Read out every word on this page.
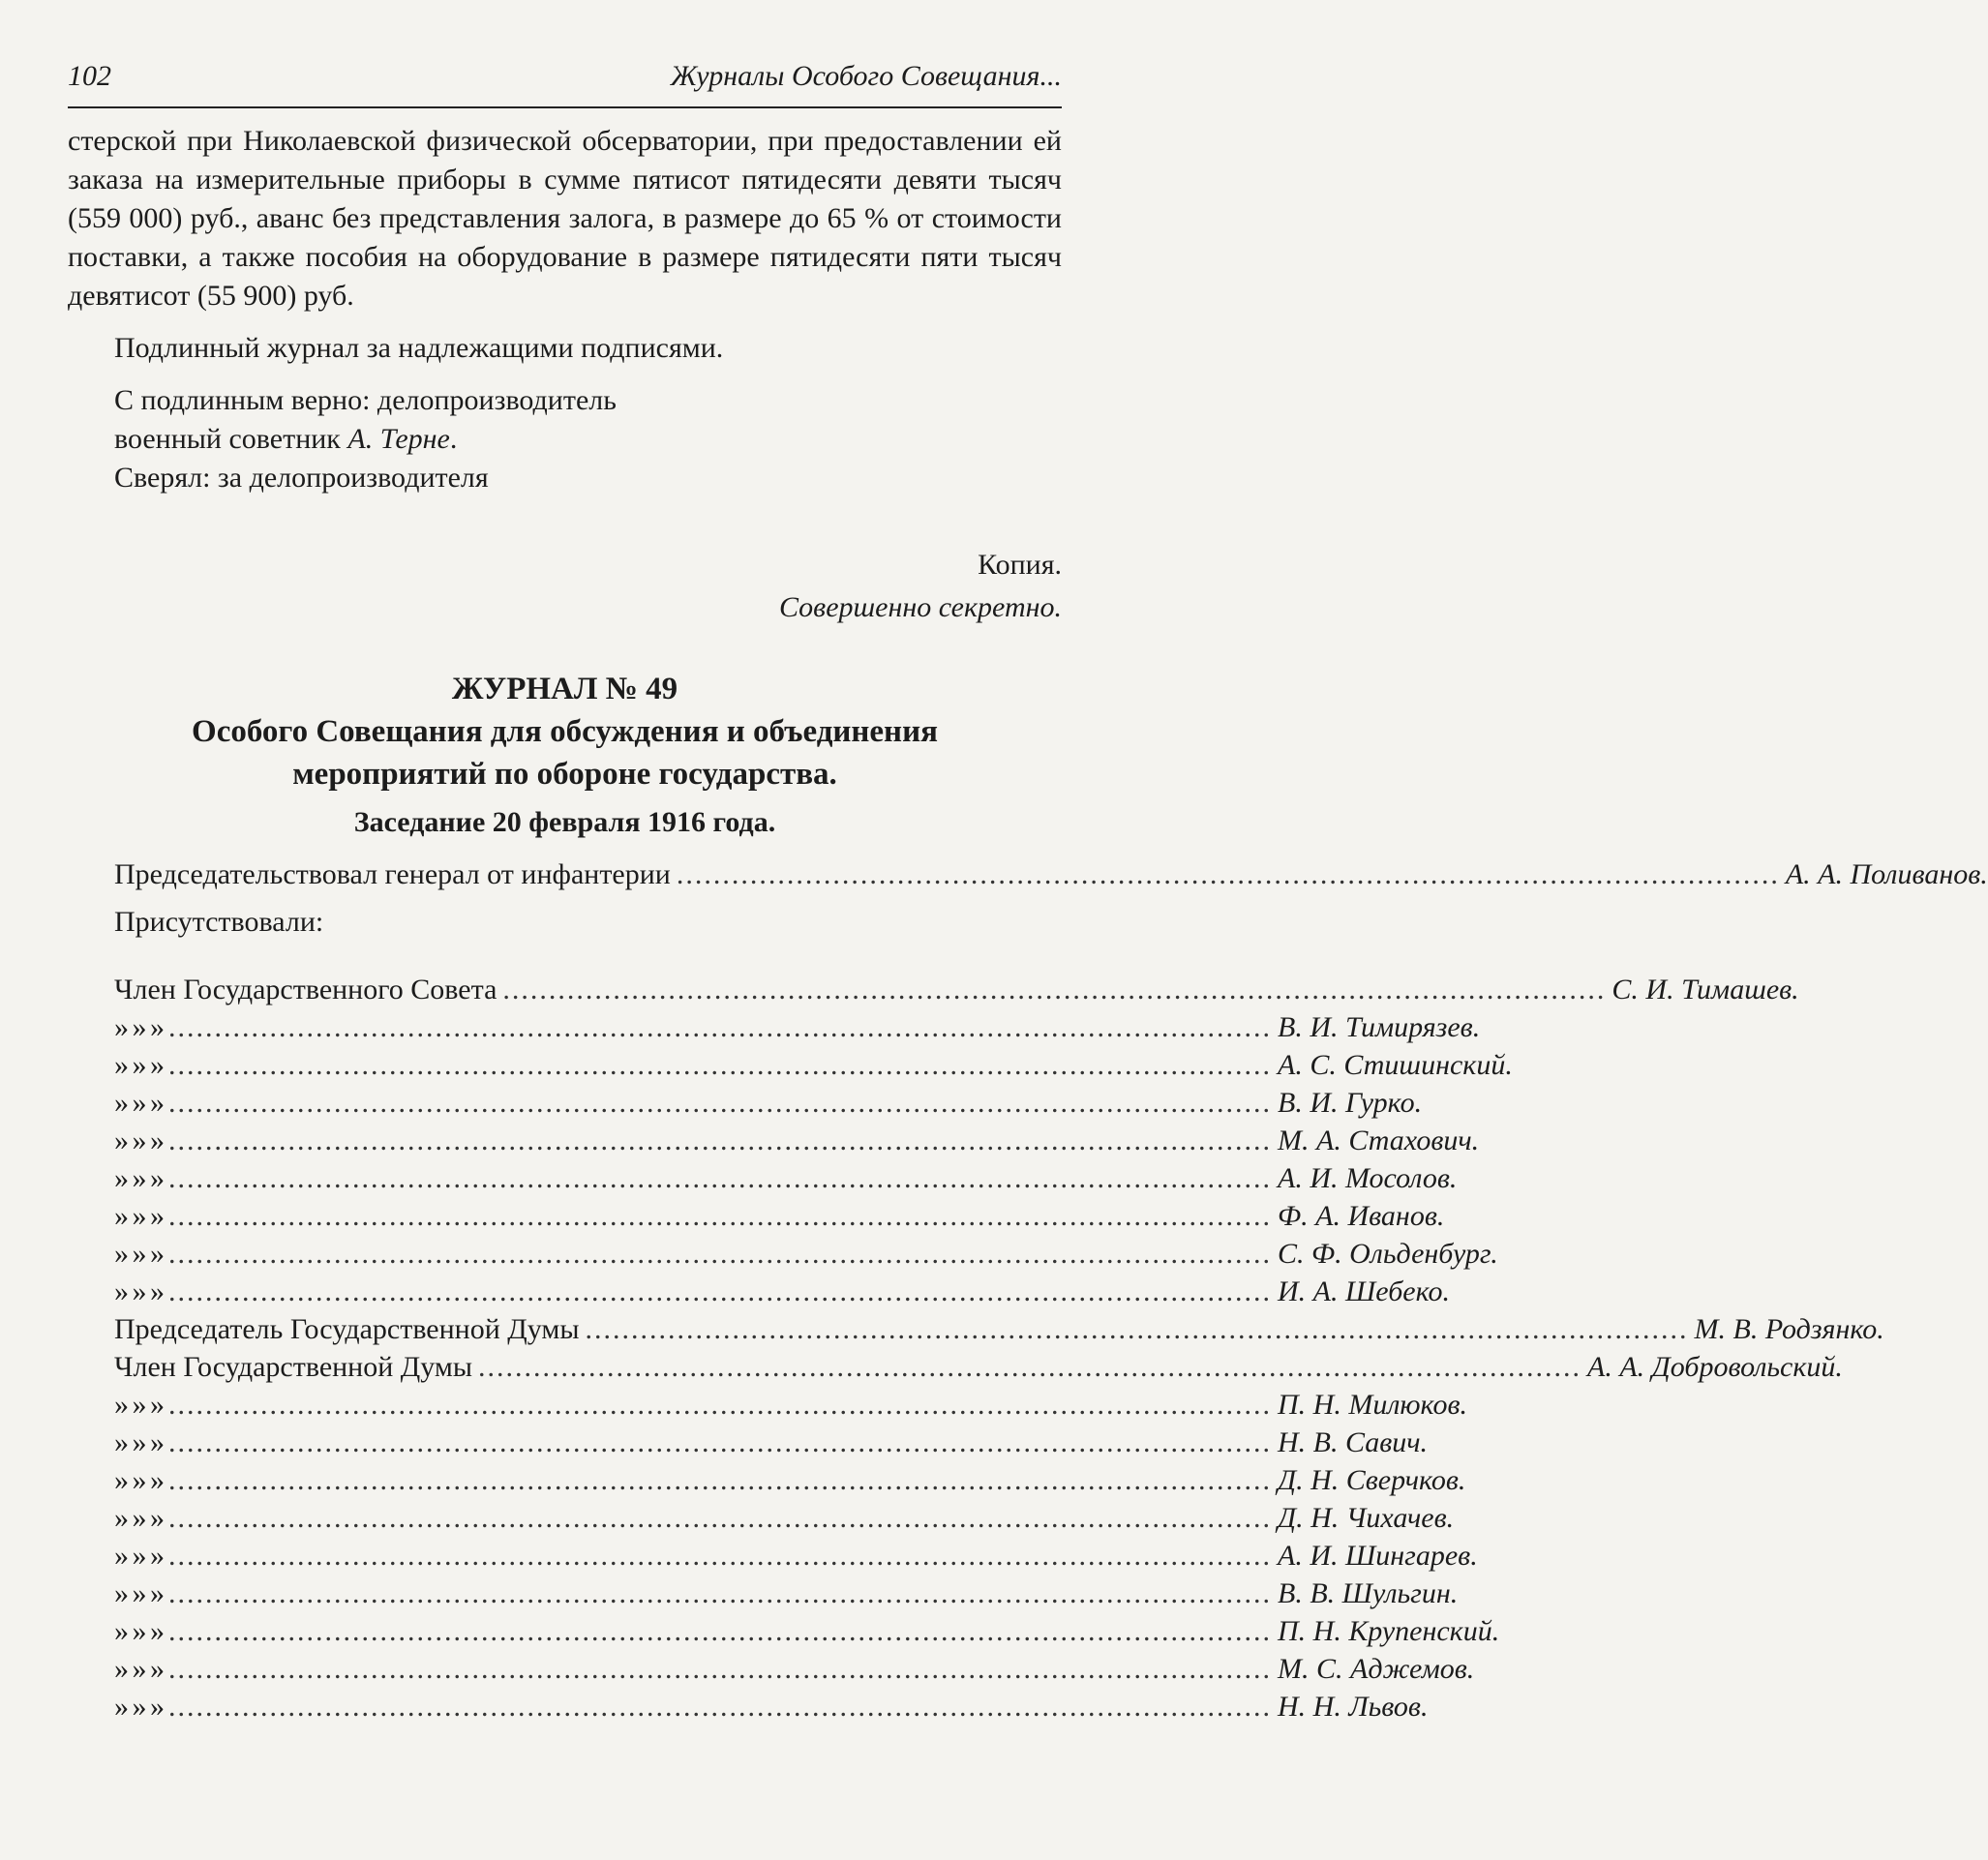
102	Журналы Особого Совещания...

стерской при Николаевской физической обсерватории, при предоставлении ей заказа на измерительные приборы в сумме пятисот пятидесяти девяти тысяч (559 000) руб., аванс без представления залога, в размере до 65 % от стоимости поставки, а также пособия на оборудование в размере пятидесяти пяти тысяч девятисот (55 900) руб.

Подлинный журнал за надлежащими подписями.

С подлинным верно: делопроизводитель

военный советник А. Терне.

Сверял: за делопроизводителя

Копия.

Совершенно секретно.

ЖУРНАЛ № 49

Особого Совещания для обсуждения и объединения

мероприятий по обороне государства.

Заседание 20 февраля 1916 года.

Председательствовал генерал от инфантерии ........................................................................................................................ А. А. Поливанов.

Присутствовали:

Член Государственного Совета ........................................................................................................................ С. И. Тимашев.
» » » ........................................................................................................................ В. И. Тимирязев.
» » » ........................................................................................................................ А. С. Стишинский.
» » » ........................................................................................................................ В. И. Гурко.
» » » ........................................................................................................................ М. А. Стахович.
» » » ........................................................................................................................ А. И. Мосолов.
» » » ........................................................................................................................ Ф. А. Иванов.
» » » ........................................................................................................................ С. Ф. Ольденбург.
» » » ........................................................................................................................ И. А. Шебеко.
Председатель Государственной Думы ........................................................................................................................ М. В. Родзянко.
Член Государственной Думы ........................................................................................................................ А. А. Добровольский.
» » » ........................................................................................................................ П. Н. Милюков.
» » » ........................................................................................................................ Н. В. Савич.
» » » ........................................................................................................................ Д. Н. Сверчков.
» » » ........................................................................................................................ Д. Н. Чихачев.
» » » ........................................................................................................................ А. И. Шингарев.
» » » ........................................................................................................................ В. В. Шульгин.
» » » ........................................................................................................................ П. Н. Крупенский.
» » » ........................................................................................................................ М. С. Аджемов.
» » » ........................................................................................................................ Н. Н. Львов.
